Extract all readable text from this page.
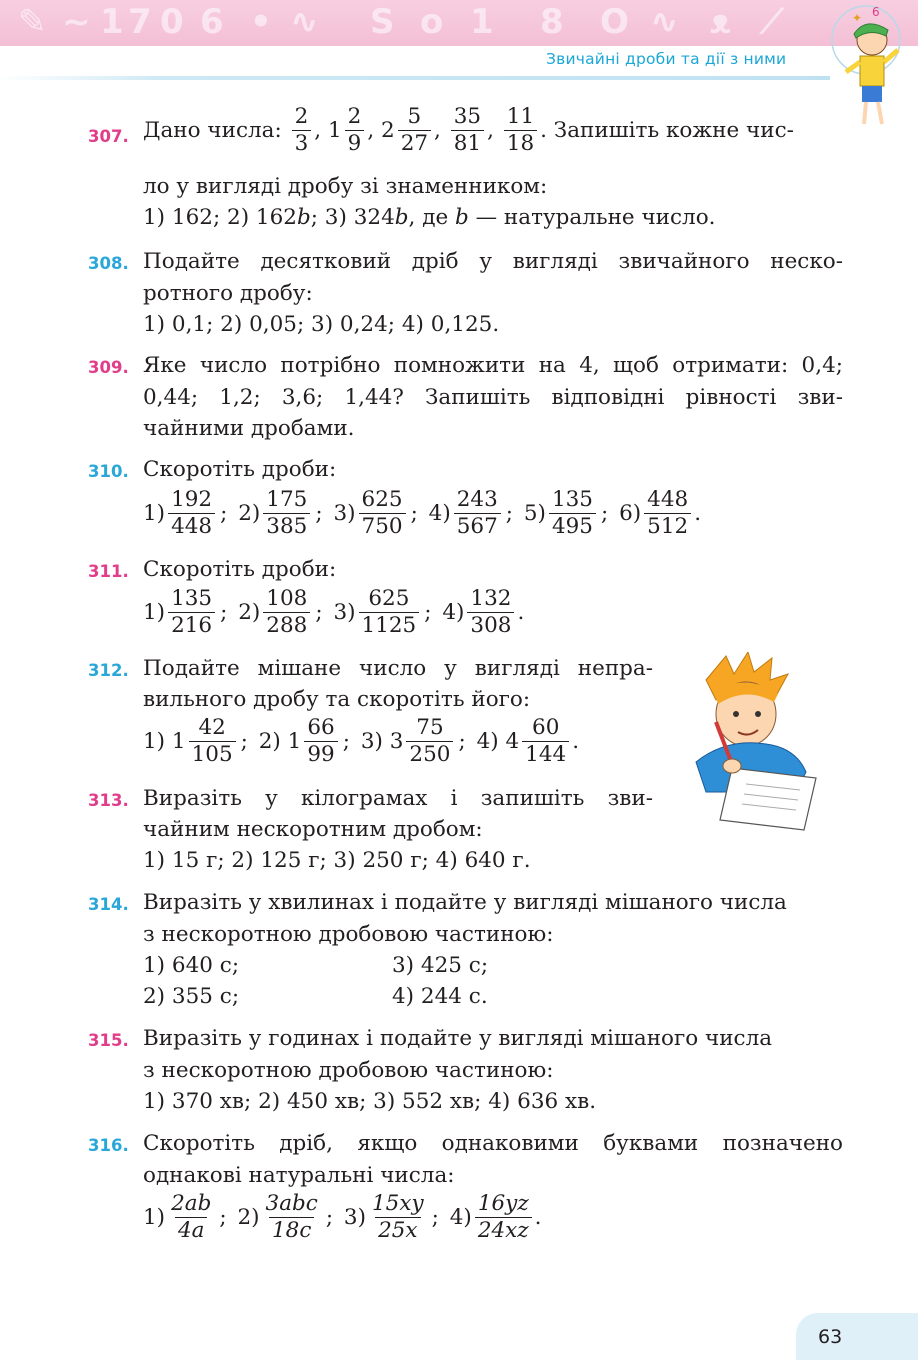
✎ ~ 1 7 0 6 • ∿ S o 1 8 O ∿ ᴥ ⟋
Звичайні дроби та дії з ними
✦ 6
307. Дано числа:
$\frac{2}{3}$ ,
$1 \frac{2}{9}$ ,
$2 \frac{5}{27}$ ,
$\frac{35}{81}$ ,
$\frac{11}{18}$ . Запишіть кожне чис-
ло у вигляді дробу зі знаменником:
1) 162; 2) 162b; 3) 324b, де b — натуральне число.
308. Подайте десятковий дріб у вигляді звичайного неско-
ротного дробу:
1) 0,1; 2) 0,05; 3) 0,24; 4) 0,125.
309. Яке число потрібно помножити на 4, щоб отримати: 0,4;
0,44; 1,2; 3,6; 1,44? Запишіть відповідні рівності зви-
чайними дробами.
310. Скоротіть дроби:
$1) \frac{192}{448}$ ;
$2) \frac{175}{385}$ ;
$3) \frac{625}{750}$ ;
$4) \frac{243}{567}$ ;
$5) \frac{135}{495}$ ;
$6) \frac{448}{512}$ .
311. Скоротіть дроби:
$1) \frac{135}{216}$ ;
$2) \frac{108}{288}$ ;
$3) \frac{625}{1125}$ ;
$4) \frac{132}{308}$ .
312. Подайте мішане число у вигляді непра-
вильного дробу та скоротіть його:
1)
$1 \frac{42}{105}$ ;
2)
$1 \frac{66}{99}$ ;
3)
$3 \frac{75}{250}$ ;
4)
$4 \frac{60}{144}$ .
313. Виразіть у кілограмах і запишіть зви-
чайним нескоротним дробом:
1) 15 г; 2) 125 г; 3) 250 г; 4) 640 г.
314. Виразіть у хвилинах і подайте у вигляді мішаного числа
з нескоротною дробовою частиною:
1) 640 с;
2) 355 с;
3) 425 с;
4) 244 с.
315. Виразіть у годинах і подайте у вигляді мішаного числа
з нескоротною дробовою частиною:
1) 370 хв; 2) 450 хв; 3) 552 хв; 4) 636 хв.
316. Скоротіть дріб, якщо однаковими буквами позначено
однакові натуральні числа:
$1) \frac{2ab}{4a}$ ;
$2) \frac{\text{3abc}}{18c}$ ;
$3) \frac{15xy}{25x}$ ;
$4) \frac{16yz}{24xz}$ .
63
